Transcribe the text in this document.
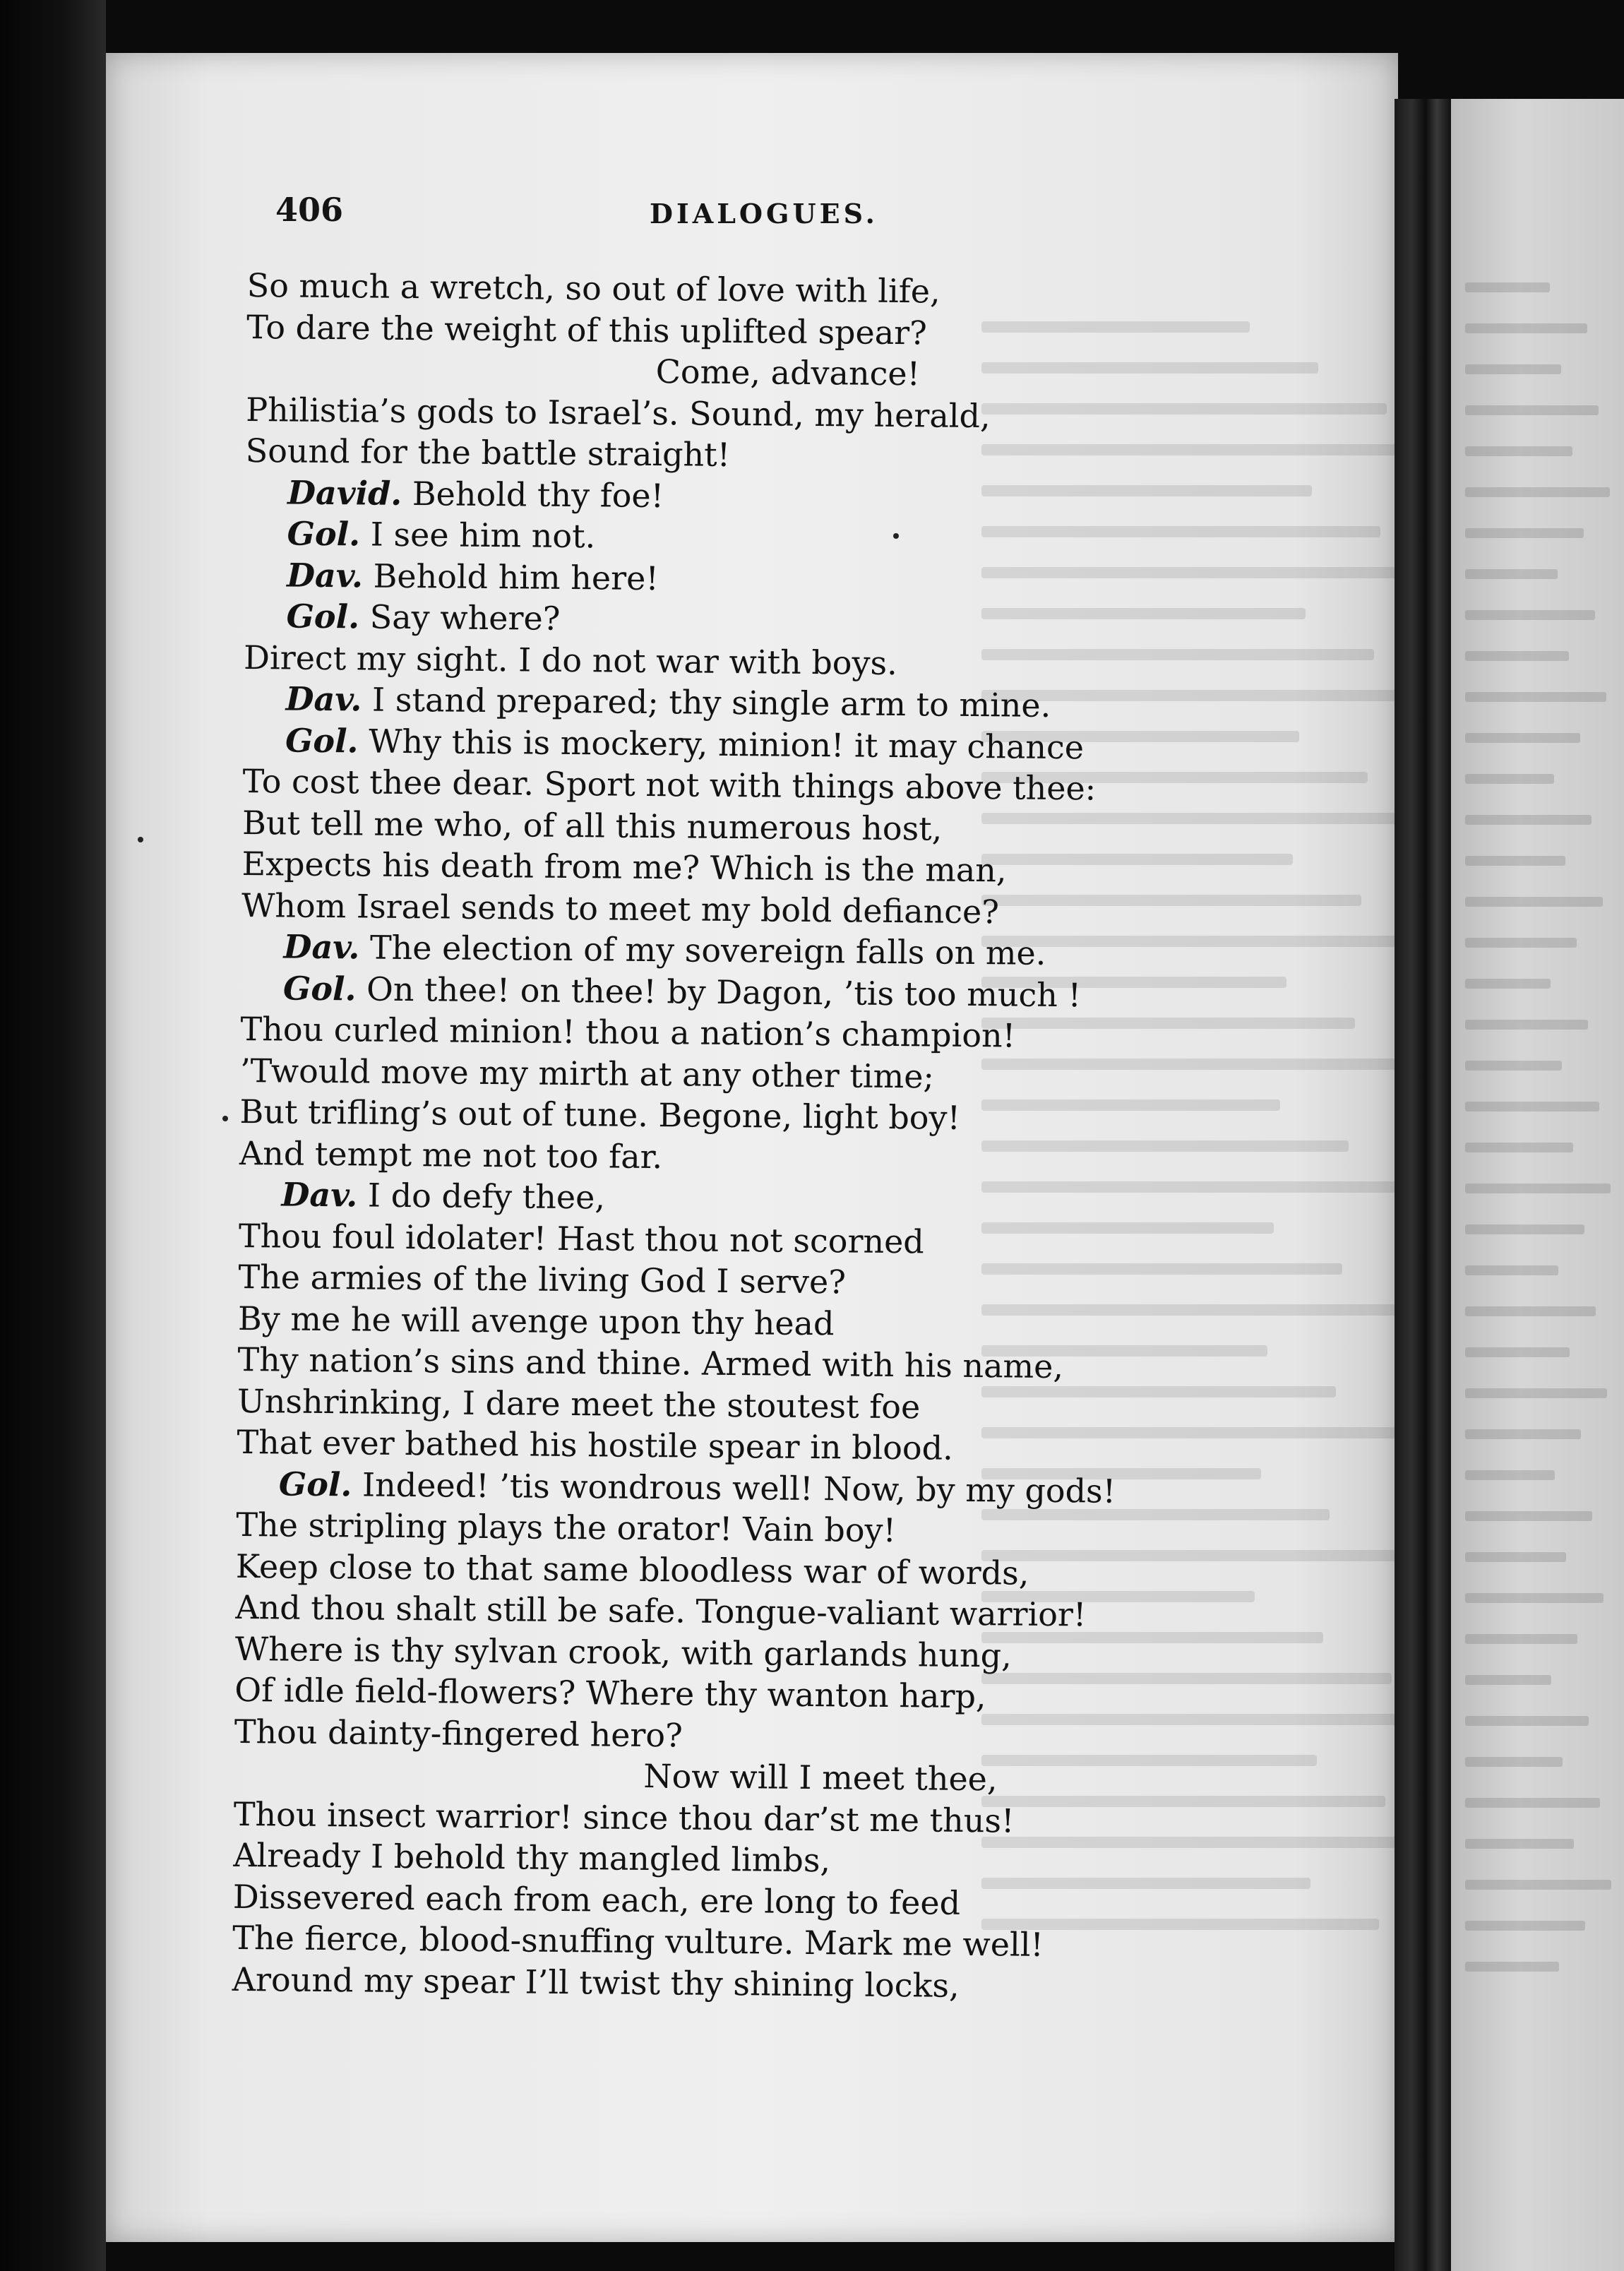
406	DIALOGUES.
So much a wretch, so out of love with life,
To dare the weight of this uplifted spear?
Come, advance!
Philistia’s gods to Israel’s. Sound, my herald,
Sound for the battle straight!
David. Behold thy foe!
Gol. I see him not.
Dav. Behold him here!
Gol. Say where?
Direct my sight. I do not war with boys.
Dav. I stand prepared; thy single arm to mine.
Gol. Why this is mockery, minion! it may chance
To cost thee dear. Sport not with things above thee:
But tell me who, of all this numerous host,
Expects his death from me? Which is the man,
Whom Israel sends to meet my bold defiance?
Dav. The election of my sovereign falls on me.
Gol. On thee! on thee! by Dagon, ’tis too much !
Thou curled minion! thou a nation’s champion!
’Twould move my mirth at any other time;
But trifling’s out of tune. Begone, light boy!
And tempt me not too far.
Dav. I do defy thee,
Thou foul idolater! Hast thou not scorned
The armies of the living God I serve?
By me he will avenge upon thy head
Thy nation’s sins and thine. Armed with his name,
Unshrinking, I dare meet the stoutest foe
That ever bathed his hostile spear in blood.
Gol. Indeed! ’tis wondrous well! Now, by my gods!
The stripling plays the orator! Vain boy!
Keep close to that same bloodless war of words,
And thou shalt still be safe. Tongue-valiant warrior!
Where is thy sylvan crook, with garlands hung,
Of idle field-flowers? Where thy wanton harp,
Thou dainty-fingered hero?
Now will I meet thee,
Thou insect warrior! since thou dar’st me thus!
Already I behold thy mangled limbs,
Dissevered each from each, ere long to feed
The fierce, blood-snuffing vulture. Mark me well!
Around my spear I’ll twist thy shining locks,
